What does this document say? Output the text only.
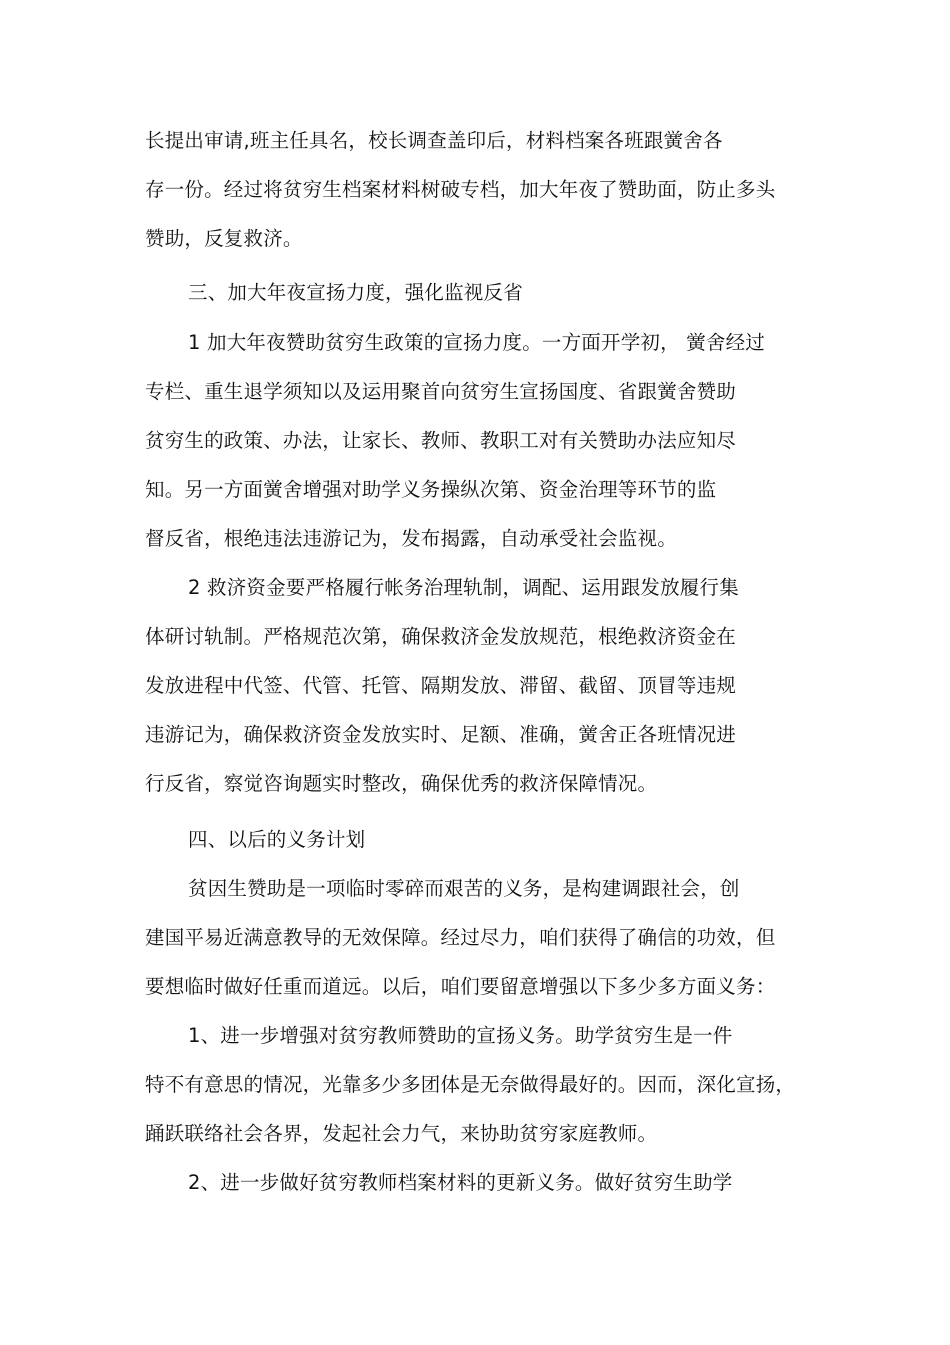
长提出审请,班主任具名，校长调查盖印后，材料档案各班跟黉舍各
存一份。经过将贫穷生档案材料树破专档，加大年夜了赞助面，防止多头
赞助，反复救济。
三、加大年夜宣扬力度，强化监视反省
1 加大年夜赞助贫穷生政策的宣扬力度。一方面开学初， 黉舍经过
专栏、重生退学须知以及运用聚首向贫穷生宣扬国度、省跟黉舍赞助
贫穷生的政策、办法，让家长、教师、教职工对有关赞助办法应知尽
知。另一方面黉舍增强对助学义务操纵次第、资金治理等环节的监
督反省，根绝违法违游记为，发布揭露，自动承受社会监视。
2 救济资金要严格履行帐务治理轨制，调配、运用跟发放履行集
体研讨轨制。严格规范次第，确保救济金发放规范，根绝救济资金在
发放进程中代签、代管、托管、隔期发放、滞留、截留、顶冒等违规
违游记为，确保救济资金发放实时、足额、准确，黉舍正各班情况进
行反省，察觉咨询题实时整改，确保优秀的救济保障情况。
四、以后的义务计划
贫因生赞助是一项临时零碎而艰苦的义务，是构建调跟社会，创
建国平易近满意教导的无效保障。经过尽力，咱们获得了确信的功效，但
要想临时做好任重而道远。以后，咱们要留意增强以下多少多方面义务：
1、进一步增强对贫穷教师赞助的宣扬义务。助学贫穷生是一件
特不有意思的情况，光靠多少多团体是无奈做得最好的。因而，深化宣扬，
踊跃联络社会各界，发起社会力气，来协助贫穷家庭教师。
2、进一步做好贫穷教师档案材料的更新义务。做好贫穷生助学
